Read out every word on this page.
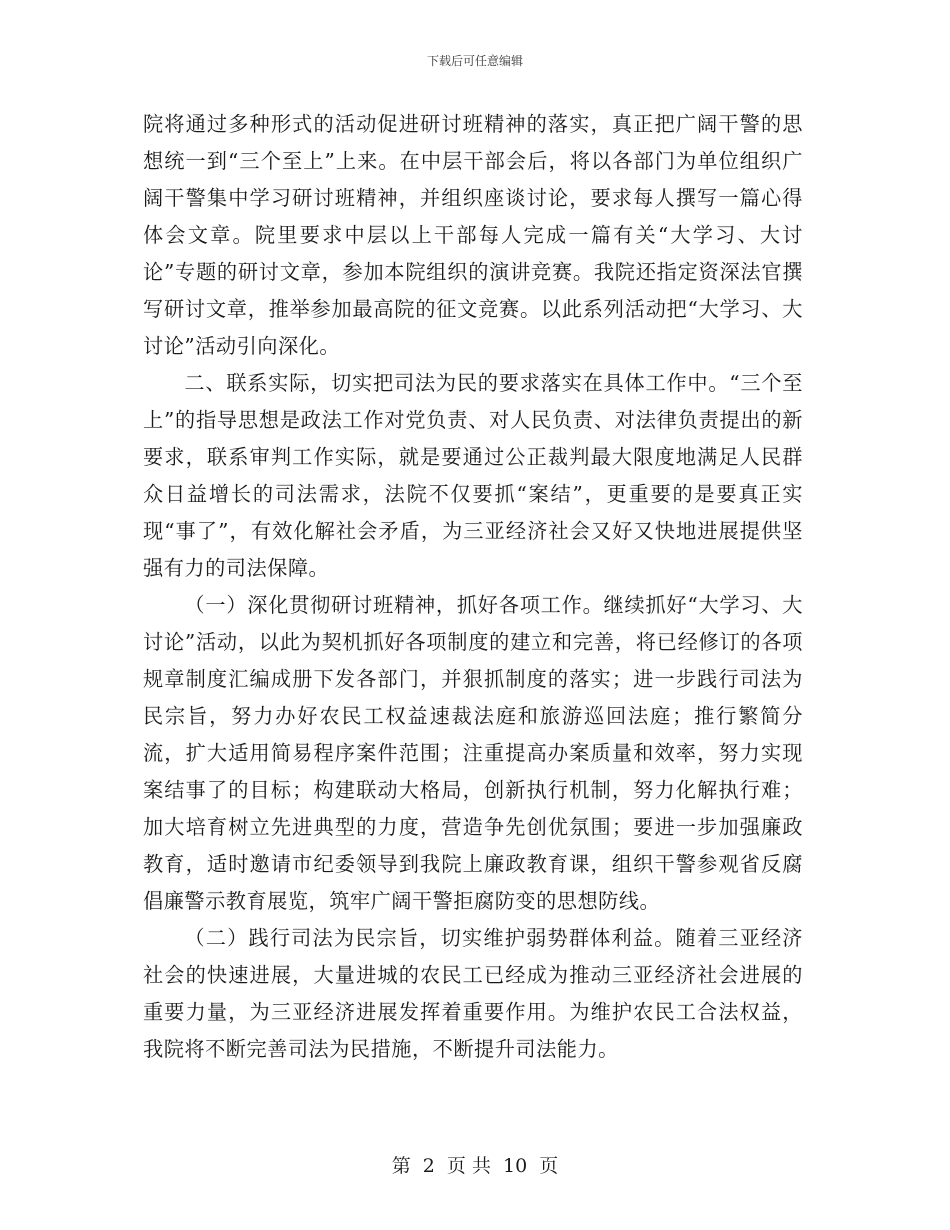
下载后可任意编辑

院将通过多种形式的活动促进研讨班精神的落实，真正把广阔干警的思想统一到“三个至上”上来。在中层干部会后，将以各部门为单位组织广阔干警集中学习研讨班精神，并组织座谈讨论，要求每人撰写一篇心得体会文章。院里要求中层以上干部每人完成一篇有关“大学习、大讨论”专题的研讨文章，参加本院组织的演讲竞赛。我院还指定资深法官撰写研讨文章，推举参加最高院的征文竞赛。以此系列活动把“大学习、大讨论”活动引向深化。

二、联系实际，切实把司法为民的要求落实在具体工作中。“三个至上”的指导思想是政法工作对党负责、对人民负责、对法律负责提出的新要求，联系审判工作实际，就是要通过公正裁判最大限度地满足人民群众日益增长的司法需求，法院不仅要抓“案结”，更重要的是要真正实现“事了”，有效化解社会矛盾，为三亚经济社会又好又快地进展提供坚强有力的司法保障。

（一）深化贯彻研讨班精神，抓好各项工作。继续抓好“大学习、大讨论”活动，以此为契机抓好各项制度的建立和完善，将已经修订的各项规章制度汇编成册下发各部门，并狠抓制度的落实；进一步践行司法为民宗旨，努力办好农民工权益速裁法庭和旅游巡回法庭；推行繁简分流，扩大适用简易程序案件范围；注重提高办案质量和效率，努力实现案结事了的目标；构建联动大格局，创新执行机制，努力化解执行难；加大培育树立先进典型的力度，营造争先创优氛围；要进一步加强廉政教育，适时邀请市纪委领导到我院上廉政教育课，组织干警参观省反腐倡廉警示教育展览，筑牢广阔干警拒腐防变的思想防线。

（二）践行司法为民宗旨，切实维护弱势群体利益。随着三亚经济社会的快速进展，大量进城的农民工已经成为推动三亚经济社会进展的重要力量，为三亚经济进展发挥着重要作用。为维护农民工合法权益，我院将不断完善司法为民措施，不断提升司法能力。

第 2 页 共 10 页
